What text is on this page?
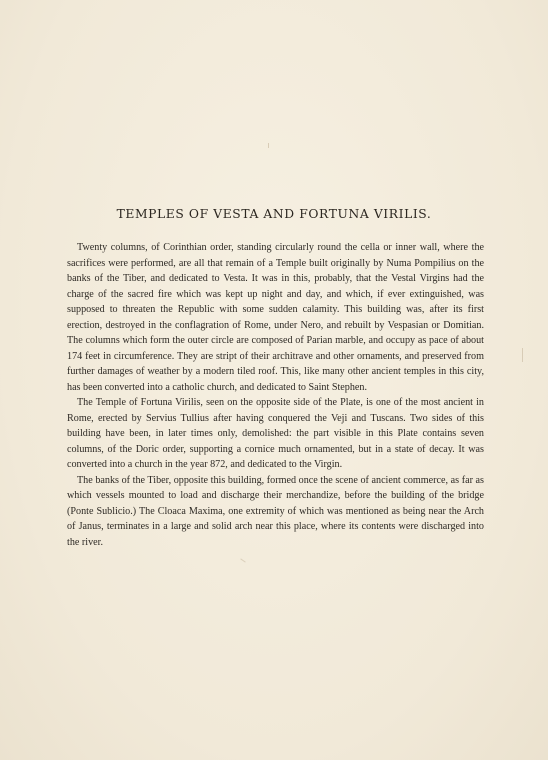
TEMPLES OF VESTA AND FORTUNA VIRILIS.

Twenty columns, of Corinthian order, standing circularly round the cella or inner wall, where the sacrifices were performed, are all that remain of a Temple built originally by Numa Pompilius on the banks of the Tiber, and dedicated to Vesta. It was in this, probably, that the Vestal Virgins had the charge of the sacred fire which was kept up night and day, and which, if ever extinguished, was supposed to threaten the Republic with some sudden calamity. This building was, after its first erection, destroyed in the conflagration of Rome, under Nero, and rebuilt by Vespasian or Domitian. The columns which form the outer circle are composed of Parian marble, and occupy as pace of about 174 feet in circumference. They are stript of their architrave and other ornaments, and preserved from further damages of weather by a modern tiled roof. This, like many other ancient temples in this city, has been converted into a catholic church, and dedicated to Saint Stephen.

The Temple of Fortuna Virilis, seen on the opposite side of the Plate, is one of the most ancient in Rome, erected by Servius Tullius after having conquered the Veji and Tuscans. Two sides of this building have been, in later times only, demolished: the part visible in this Plate contains seven columns, of the Doric order, supporting a cornice much ornamented, but in a state of decay. It was converted into a church in the year 872, and dedicated to the Virgin.

The banks of the Tiber, opposite this building, formed once the scene of ancient commerce, as far as which vessels mounted to load and discharge their merchandize, before the building of the bridge (Ponte Sublicio.) The Cloaca Maxima, one extremity of which was mentioned as being near the Arch of Janus, terminates in a large and solid arch near this place, where its contents were discharged into the river.
